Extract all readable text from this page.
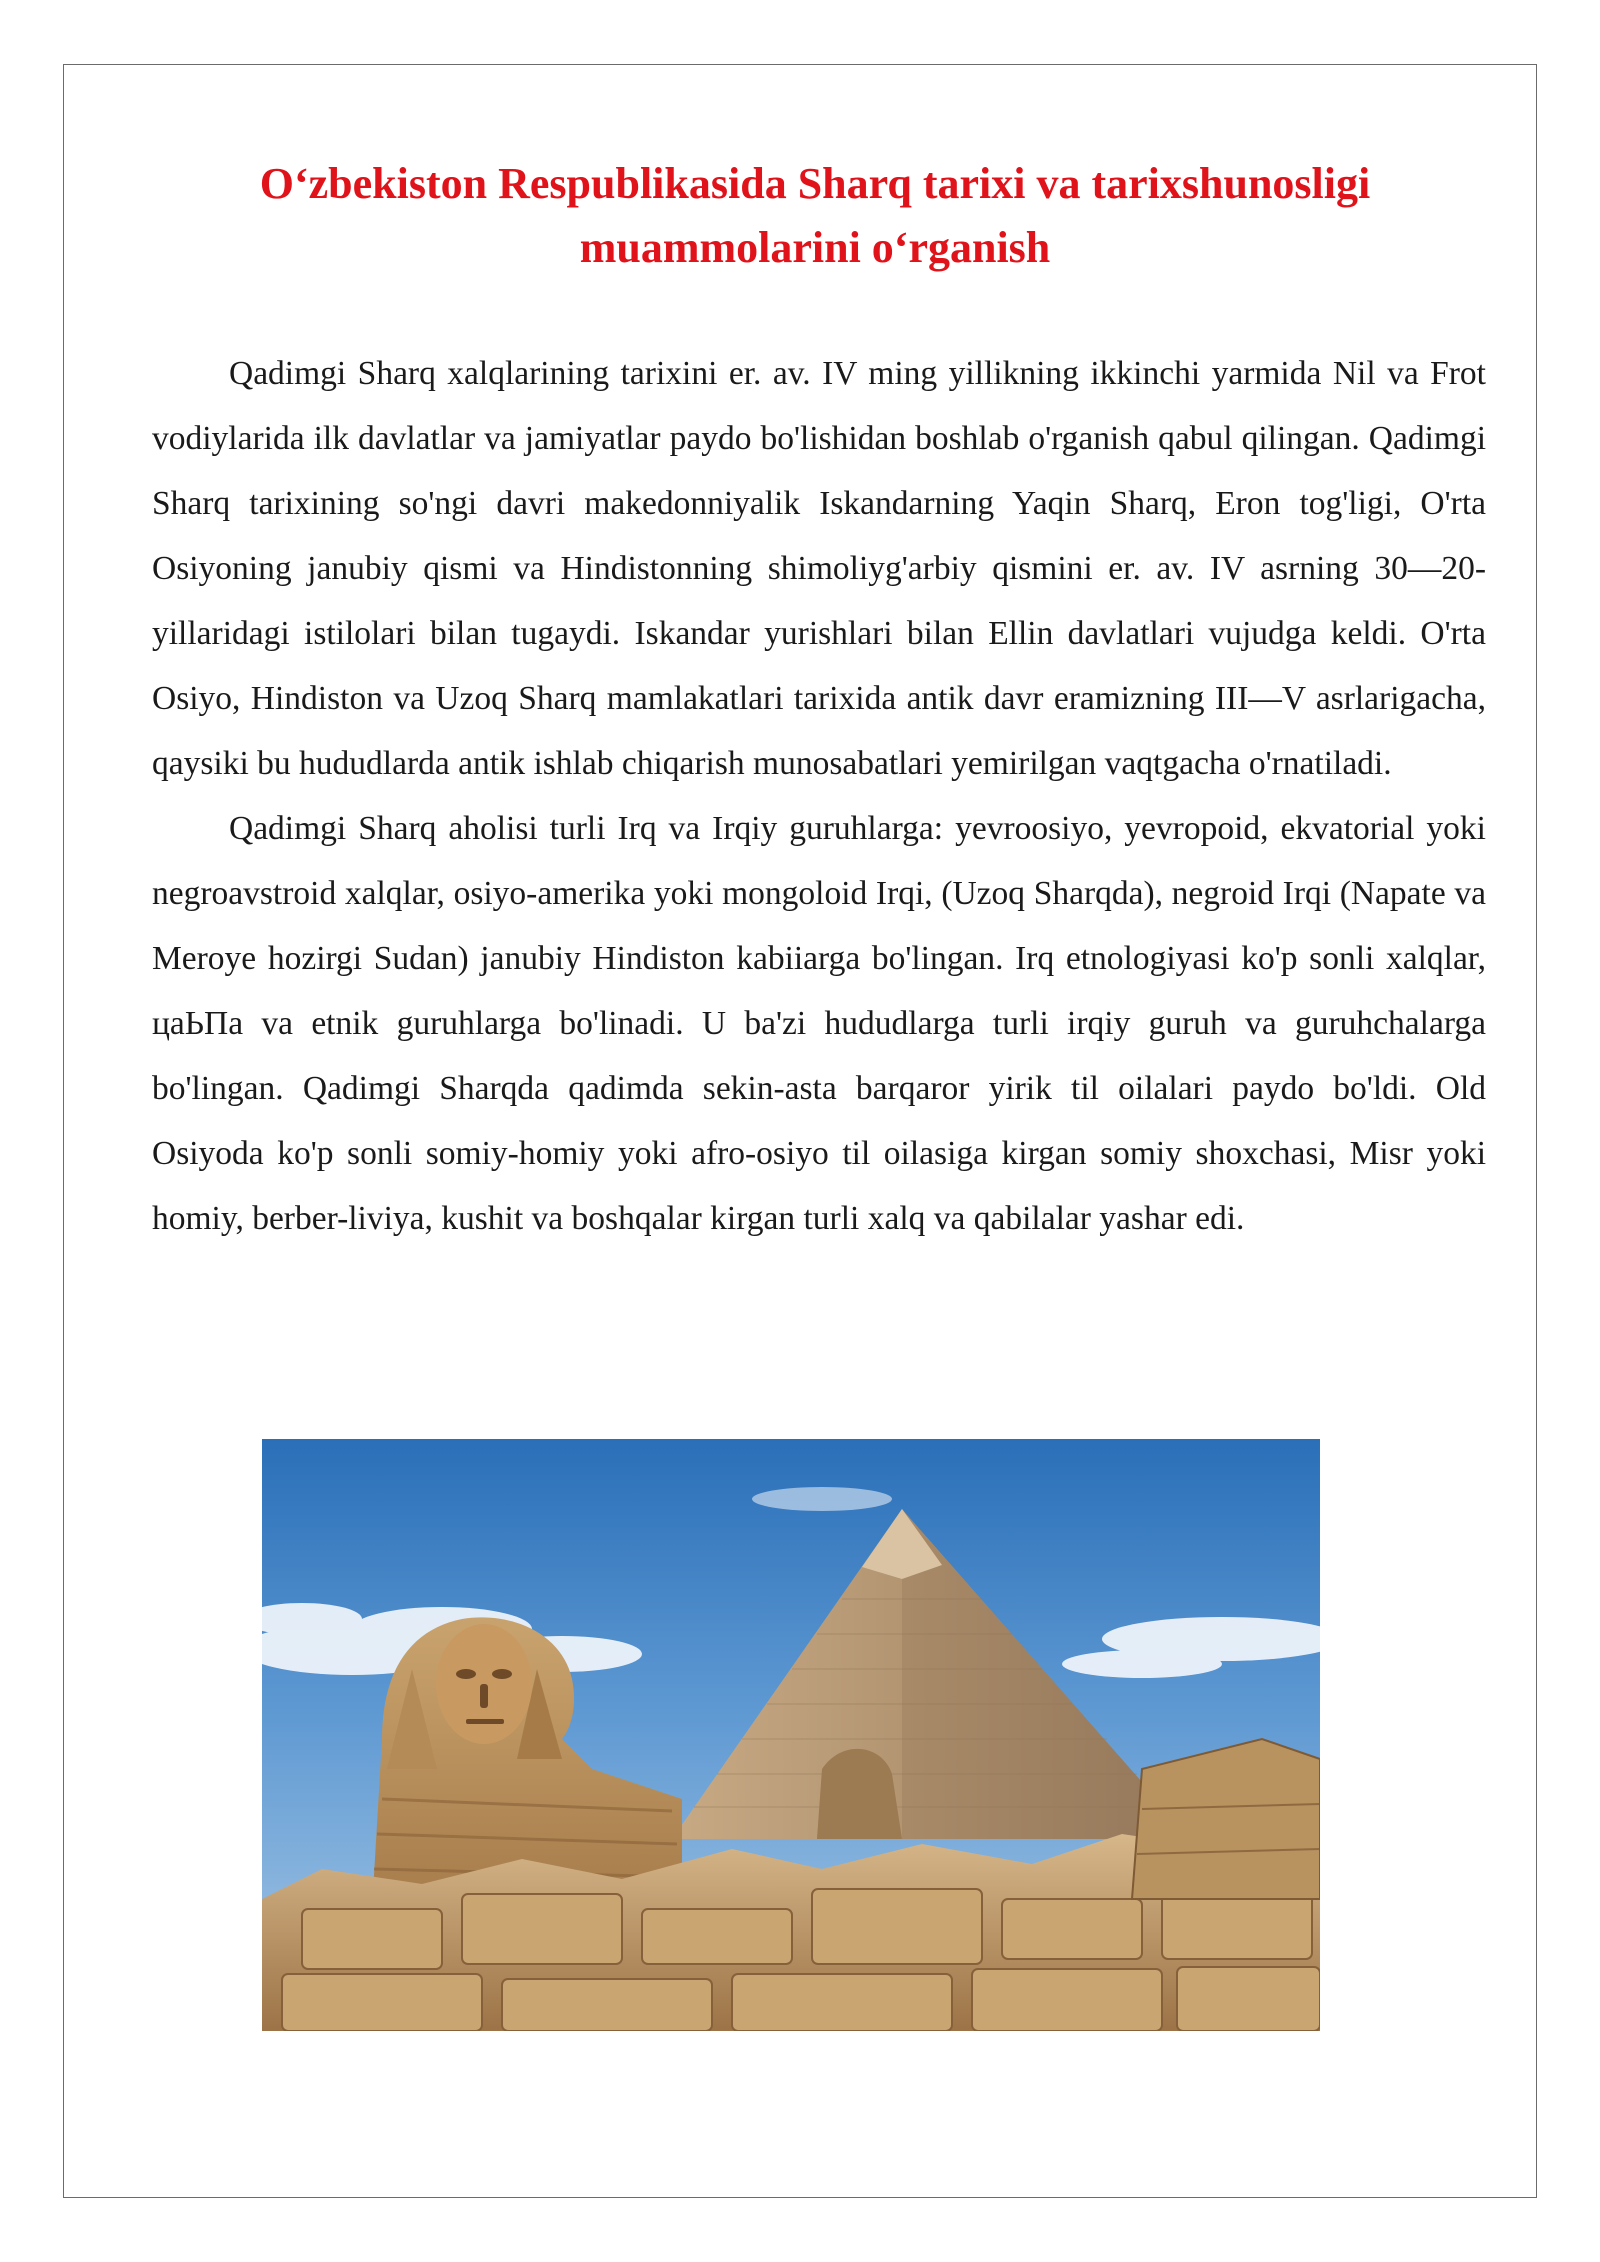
O‘zbekiston Respublikasida Sharq tarixi va tarixshunosligi
muammolarini o‘rganish

Qadimgi Sharq xalqlarining tarixini er. av. IV ming yillikning ikkinchi yarmida Nil va Frot vodiylarida ilk davlatlar va jamiyatlar paydo bo'lishidan boshlab o'rganish qabul qilingan. Qadimgi Sharq tarixining so'ngi davri makedonniyalik Iskandarning Yaqin Sharq, Eron tog'ligi, O'rta Osiyoning janubiy qismi va Hindistonning shimoliyg'arbiy qismini er. av. IV asrning 30—20-yillaridagi istilolari bilan tugaydi. Iskandar yurishlari bilan Ellin davlatlari vujudga keldi. O'rta Osiyo, Hindiston va Uzoq Sharq mamlakatlari tarixida antik davr eramizning III—V asrlarigacha, qaysiki bu hududlarda antik ishlab chiqarish munosabatlari yemirilgan vaqtgacha o'rnatiladi.

Qadimgi Sharq aholisi turli Irq va Irqiy guruhlarga: yevroosiyo, yevropoid, ekvatorial yoki negroavstroid xalqlar, osiyo-amerika yoki mongoloid Irqi, (Uzoq Sharqda), negroid Irqi (Napate va Meroye hozirgi Sudan) janubiy Hindiston kabiiarga bo'lingan. Irq etnologiyasi ko'p sonli xalqlar, цаЬПа va etnik guruhlarga bo'linadi. U ba'zi hududlarga turli irqiy guruh va guruhchalarga bo'lingan. Qadimgi Sharqda qadimda sekin-asta barqaror yirik til oilalari paydo bo'ldi. Old Osiyoda ko'p sonli somiy-homiy yoki afro-osiyo til oilasiga kirgan somiy shoxchasi, Misr yoki homiy, berber-liviya, kushit va boshqalar kirgan turli xalq va qabilalar yashar edi.
